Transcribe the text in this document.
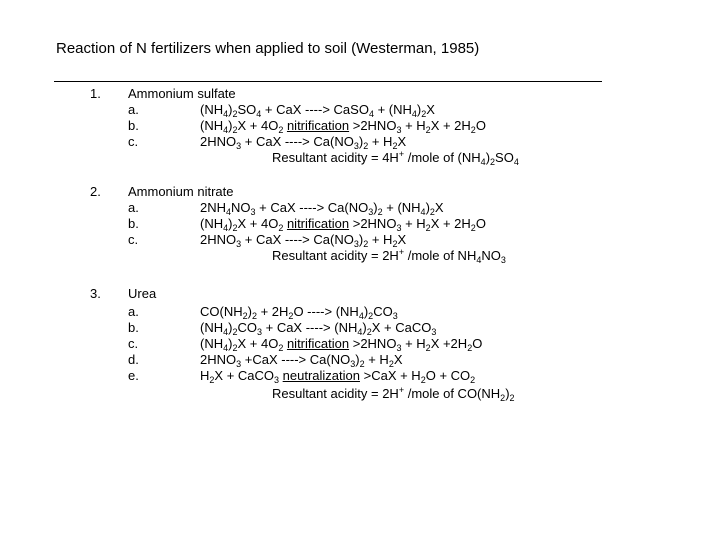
Reaction of N fertilizers when applied to soil (Westerman, 1985)
1. Ammonium sulfate
a.	$(NH_4)_2SO_4$ + CaX ----> CaSO$_4$ + $(NH_4)_2X$
b.	$(NH_4)_2X + 4O_2$ nitrification $>2HNO_3 + H_2X + 2H_2O$
c.	$2HNO_3$ + CaX ----> $Ca(NO_3)_2 + H_2X$
Resultant acidity = 4H+ /mole of $(NH_4)_2SO_4$
2. Ammonium nitrate
a.	$2NH_4NO_3$ + CaX ----> $Ca(NO_3)_2 + (NH_4)_2X$
b.	$(NH_4)_2X + 4O_2$ nitrification $>2HNO_3 + H_2X + 2H_2O$
c.	$2HNO_3$ + CaX ----> $Ca(NO_3)_2 + H_2X$
Resultant acidity = 2H+ /mole of $NH_4NO_3$
3. Urea
a.	$CO(NH_2)_2 + 2H_2O$ ----> $(NH_4)_2CO_3$
b.	$(NH_4)_2CO_3$ + CaX ----> $(NH_4)_2X$ + CaCO$_3$
c.	$(NH_4)_2X + 4O_2$ nitrification $>2HNO_3 + H_2X +2H_2O$
d.	$2HNO_3 +CaX$ ----> $Ca(NO_3)_2 + H_2X$
e.	$H_2X$ + CaCO$_3$ neutralization $>CaX + H_2O + CO_2$
Resultant acidity = 2H+ /mole of $CO(NH_2)_2$
